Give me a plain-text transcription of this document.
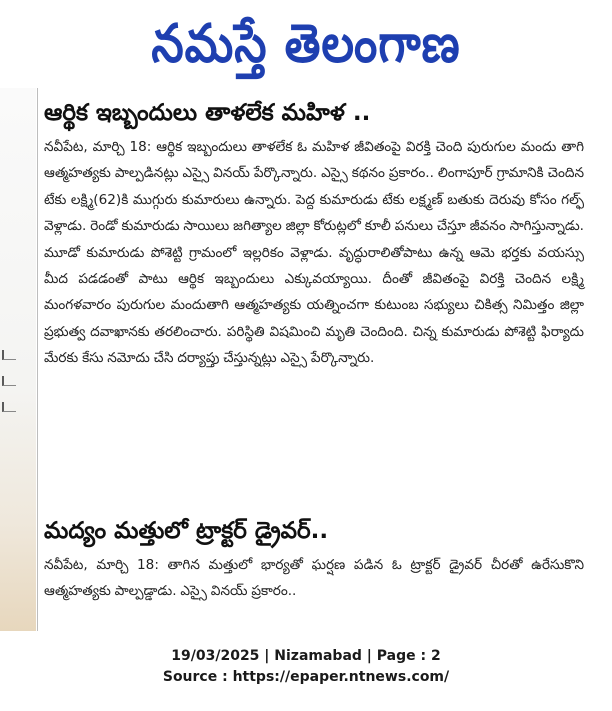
నమస్తే తెలంగాణ
ఆర్థిక ఇబ్బందులు తాళలేక మహిళ ..

నవీపేట, మార్చి 18: ఆర్థిక ఇబ్బందులు తాళలేక ఓ మహిళ జీవితంపై విరక్తి చెంది పురుగుల మందు తాగి ఆత్మహత్యకు పాల్పడినట్లు ఎస్సై వినయ్ పేర్కొన్నారు. ఎస్సై కథనం ప్రకారం.. లింగాపూర్ గ్రామానికి చెందిన టేకు లక్ష్మి(62)కి ముగ్గురు కుమారులు ఉన్నారు. పెద్ద కుమారుడు టేకు లక్ష్మణ్ బతుకు దెరువు కోసం గల్ఫ్ వెళ్లాడు. రెండో కుమారుడు సాయిలు జగిత్యాల జిల్లా కోరుట్లలో కూలీ పనులు చేస్తూ జీవనం సాగిస్తున్నాడు. మూడో కుమారుడు పోశెట్టి గ్రామంలో ఇల్లరికం వెళ్లాడు. వృద్ధురాలితోపాటు ఉన్న ఆమె భర్తకు వయస్సు మీద పడడంతో పాటు ఆర్థిక ఇబ్బందులు ఎక్కువయ్యాయి. దీంతో జీవితంపై విరక్తి చెందిన లక్ష్మి మంగళవారం పురుగుల మందుతాగి ఆత్మహత్యకు యత్నించగా కుటుంబ సభ్యులు చికిత్స నిమిత్తం జిల్లా ప్రభుత్వ దవాఖానకు తరలించారు. పరిస్థితి విషమించి మృతి చెందింది. చిన్న కుమారుడు పోశెట్టి ఫిర్యాదు మేరకు కేసు నమోదు చేసి దర్యాప్తు చేస్తున్నట్లు ఎస్సై పేర్కొన్నారు.

మద్యం మత్తులో ట్రాక్టర్ డ్రైవర్..

నవీపేట, మార్చి 18: తాగిన మత్తులో భార్యతో ఘర్షణ పడిన ఓ ట్రాక్టర్ డ్రైవర్ చీరతో ఉరేసుకొని ఆత్మహత్యకు పాల్పడ్డాడు. ఎస్సై వినయ్ ప్రకారం..

19/03/2025 | Nizamabad | Page : 2
Source : https://epaper.ntnews.com/
